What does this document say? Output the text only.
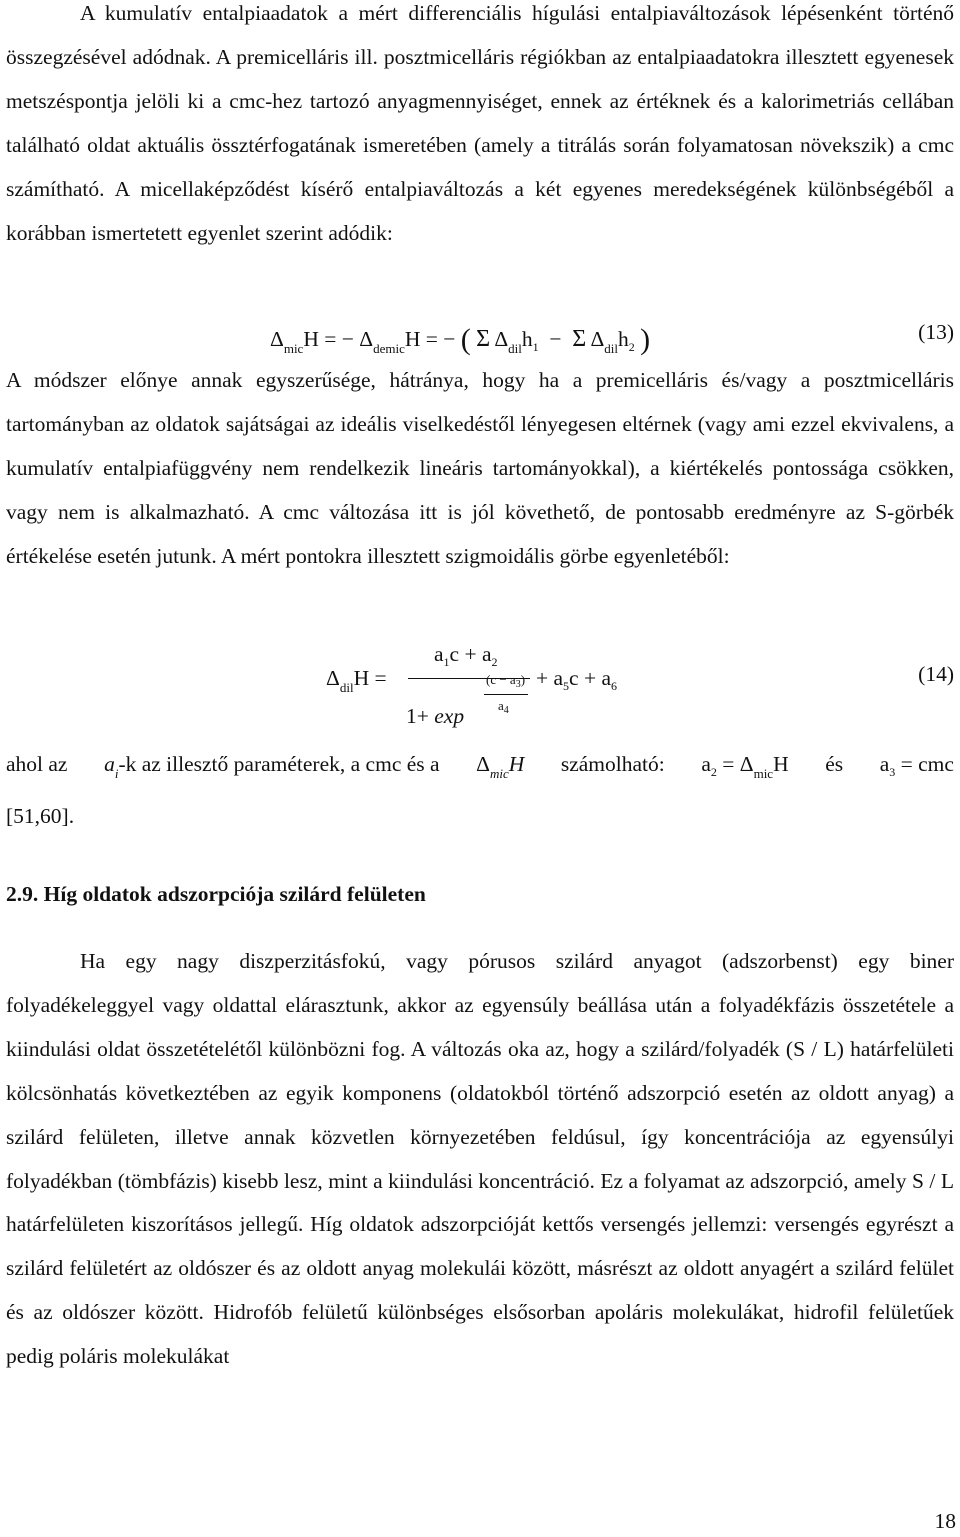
A kumulatív entalpiaadatok a mért differenciális hígulási entalpiaváltozások lépésenként történő összegzésével adódnak. A premicelláris ill. posztmicelláris régiókban az entalpiaadatokra illesztett egyenesek metszéspontja jelöli ki a cmc-hez tartozó anyagmennyiséget, ennek az értéknek és a kalorimetriás cellában található oldat aktuális össztérfogatának ismeretében (amely a titrálás során folyamatosan növekszik) a cmc számítható. A micellaképződést kísérő entalpiaváltozás a két egyenes meredekségének különbségéből a korábban ismertetett egyenlet szerint adódik:

$\Delta_{mic}H$ = − $\Delta_{demic}H$ = − ( Σ $\Delta_{dil}h_1 - \Sigma$ $\Delta_{dil}h_2$ )	(13)

A módszer előnye annak egyszerűsége, hátránya, hogy ha a premicelláris és/vagy a posztmicelláris tartományban az oldatok sajátságai az ideális viselkedéstől lényegesen eltérnek (vagy ami ezzel ekvivalens, a kumulatív entalpiafüggvény nem rendelkezik lineáris tartományokkal), a kiértékelés pontossága csökken, vagy nem is alkalmazható. A cmc változása itt is jól követhető, de pontosabb eredményre az S-görbék értékelése esetén jutunk. A mért pontokra illesztett szigmoidális görbe egyenletéből:

$\Delta_{dil}H$ =
$a_1c + a_2$
$(c - a_3)$
$a_4$
1+ exp
+ $a_5c + a_6$	(14)
ahol az $a_i-k$ az illesztő paraméterek, a cmc és a $\Delta_{mic}H$ számolható: $a_2 = \Delta_{mic}H$ és $a_3$ = cmc
[51,60].
2.9. Híg oldatok adszorpciója szilárd felületen

Ha egy nagy diszperzitásfokú, vagy pórusos szilárd anyagot (adszorbenst) egy biner folyadékeleggyel vagy oldattal elárasztunk, akkor az egyensúly beállása után a folyadékfázis összetétele a kiindulási oldat összetételétől különbözni fog. A változás oka az, hogy a szilárd/folyadék (S / L) határfelületi kölcsönhatás következtében az egyik komponens (oldatokból történő adszorpció esetén az oldott anyag) a szilárd felületen, illetve annak közvetlen környezetében feldúsul, így koncentrációja az egyensúlyi folyadékban (tömbfázis) kisebb lesz, mint a kiindulási koncentráció. Ez a folyamat az adszorpció, amely S / L határfelületen kiszorításos jellegű. Híg oldatok adszorpcióját kettős versengés jellemzi: versengés egyrészt a szilárd felületért az oldószer és az oldott anyag molekulái között, másrészt az oldott anyagért a szilárd felület és az oldószer között. Hidrofób felületű különbséges elsősorban apoláris molekulákat, hidrofil felületűek pedig poláris molekulákat

18
